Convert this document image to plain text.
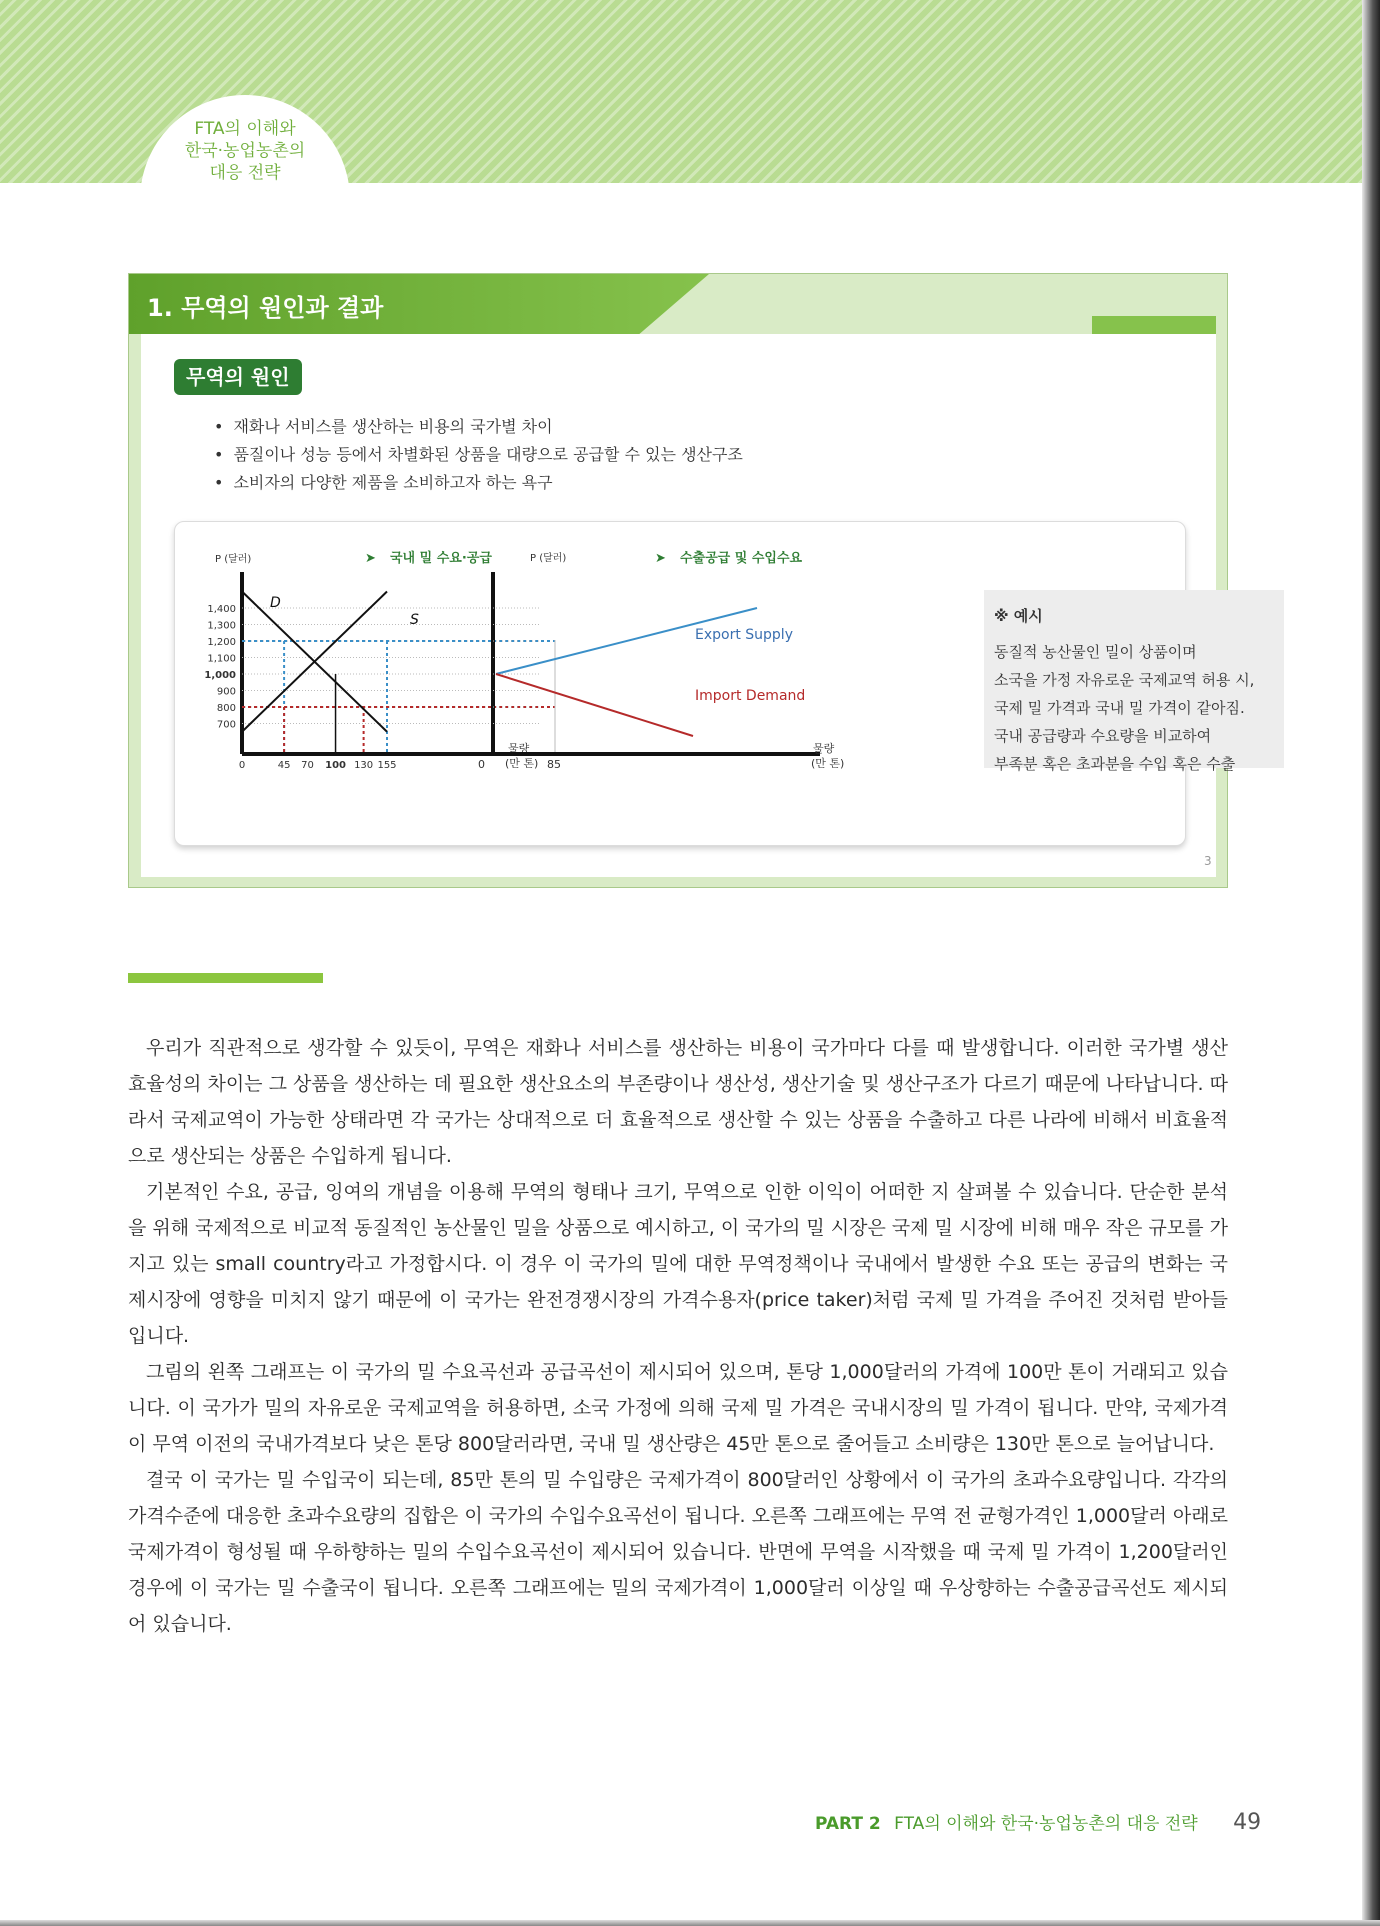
FTA의 이해와
한국·농업농촌의
대응 전략
1. 무역의 원인과 결과
무역의 원인
• 재화나 서비스를 생산하는 비용의 국가별 차이
• 품질이나 성능 등에서 차별화된 상품을 대량으로 공급할 수 있는 생산구조
• 소비자의 다양한 제품을 소비하고자 하는 욕구
P (달러)	➤ 국내 밀 수요·공급	P (달러)	➤ 수출공급 및 수입수요
1,400
1,300
1,200
1,100
1,000
900
800
700
0	45 70 100 130 155
물량
(만 톤)
D
S
0	85
물량
(만 톤)
Export Supply
Import Demand
※ 예시
동질적 농산물인 밀이 상품이며
소국을 가정 자유로운 국제교역 허용 시,
국제 밀 가격과 국내 밀 가격이 같아짐.
국내 공급량과 수요량을 비교하여
부족분 혹은 초과분을 수입 혹은 수출
3

우리가 직관적으로 생각할 수 있듯이, 무역은 재화나 서비스를 생산하는 비용이 국가마다 다를 때 발생합니다. 이러한 국가별 생산 효율성의 차이는 그 상품을 생산하는 데 필요한 생산요소의 부존량이나 생산성, 생산기술 및 생산구조가 다르기 때문에 나타납니다. 따라서 국제교역이 가능한 상태라면 각 국가는 상대적으로 더 효율적으로 생산할 수 있는 상품을 수출하고 다른 나라에 비해서 비효율적으로 생산되는 상품은 수입하게 됩니다.

기본적인 수요, 공급, 잉여의 개념을 이용해 무역의 형태나 크기, 무역으로 인한 이익이 어떠한 지 살펴볼 수 있습니다. 단순한 분석을 위해 국제적으로 비교적 동질적인 농산물인 밀을 상품으로 예시하고, 이 국가의 밀 시장은 국제 밀 시장에 비해 매우 작은 규모를 가지고 있는 small country라고 가정합시다. 이 경우 이 국가의 밀에 대한 무역정책이나 국내에서 발생한 수요 또는 공급의 변화는 국제시장에 영향을 미치지 않기 때문에 이 국가는 완전경쟁시장의 가격수용자(price taker)처럼 국제 밀 가격을 주어진 것처럼 받아들입니다.

그림의 왼쪽 그래프는 이 국가의 밀 수요곡선과 공급곡선이 제시되어 있으며, 톤당 1,000달러의 가격에 100만 톤이 거래되고 있습니다. 이 국가가 밀의 자유로운 국제교역을 허용하면, 소국 가정에 의해 국제 밀 가격은 국내시장의 밀 가격이 됩니다. 만약, 국제가격이 무역 이전의 국내가격보다 낮은 톤당 800달러라면, 국내 밀 생산량은 45만 톤으로 줄어들고 소비량은 130만 톤으로 늘어납니다.

결국 이 국가는 밀 수입국이 되는데, 85만 톤의 밀 수입량은 국제가격이 800달러인 상황에서 이 국가의 초과수요량입니다. 각각의 가격수준에 대응한 초과수요량의 집합은 이 국가의 수입수요곡선이 됩니다. 오른쪽 그래프에는 무역 전 균형가격인 1,000달러 아래로 국제가격이 형성될 때 우하향하는 밀의 수입수요곡선이 제시되어 있습니다. 반면에 무역을 시작했을 때 국제 밀 가격이 1,200달러인 경우에 이 국가는 밀 수출국이 됩니다. 오른쪽 그래프에는 밀의 국제가격이 1,000달러 이상일 때 우상향하는 수출공급곡선도 제시되어 있습니다.

PART 2 FTA의 이해와 한국·농업농촌의 대응 전략 49
